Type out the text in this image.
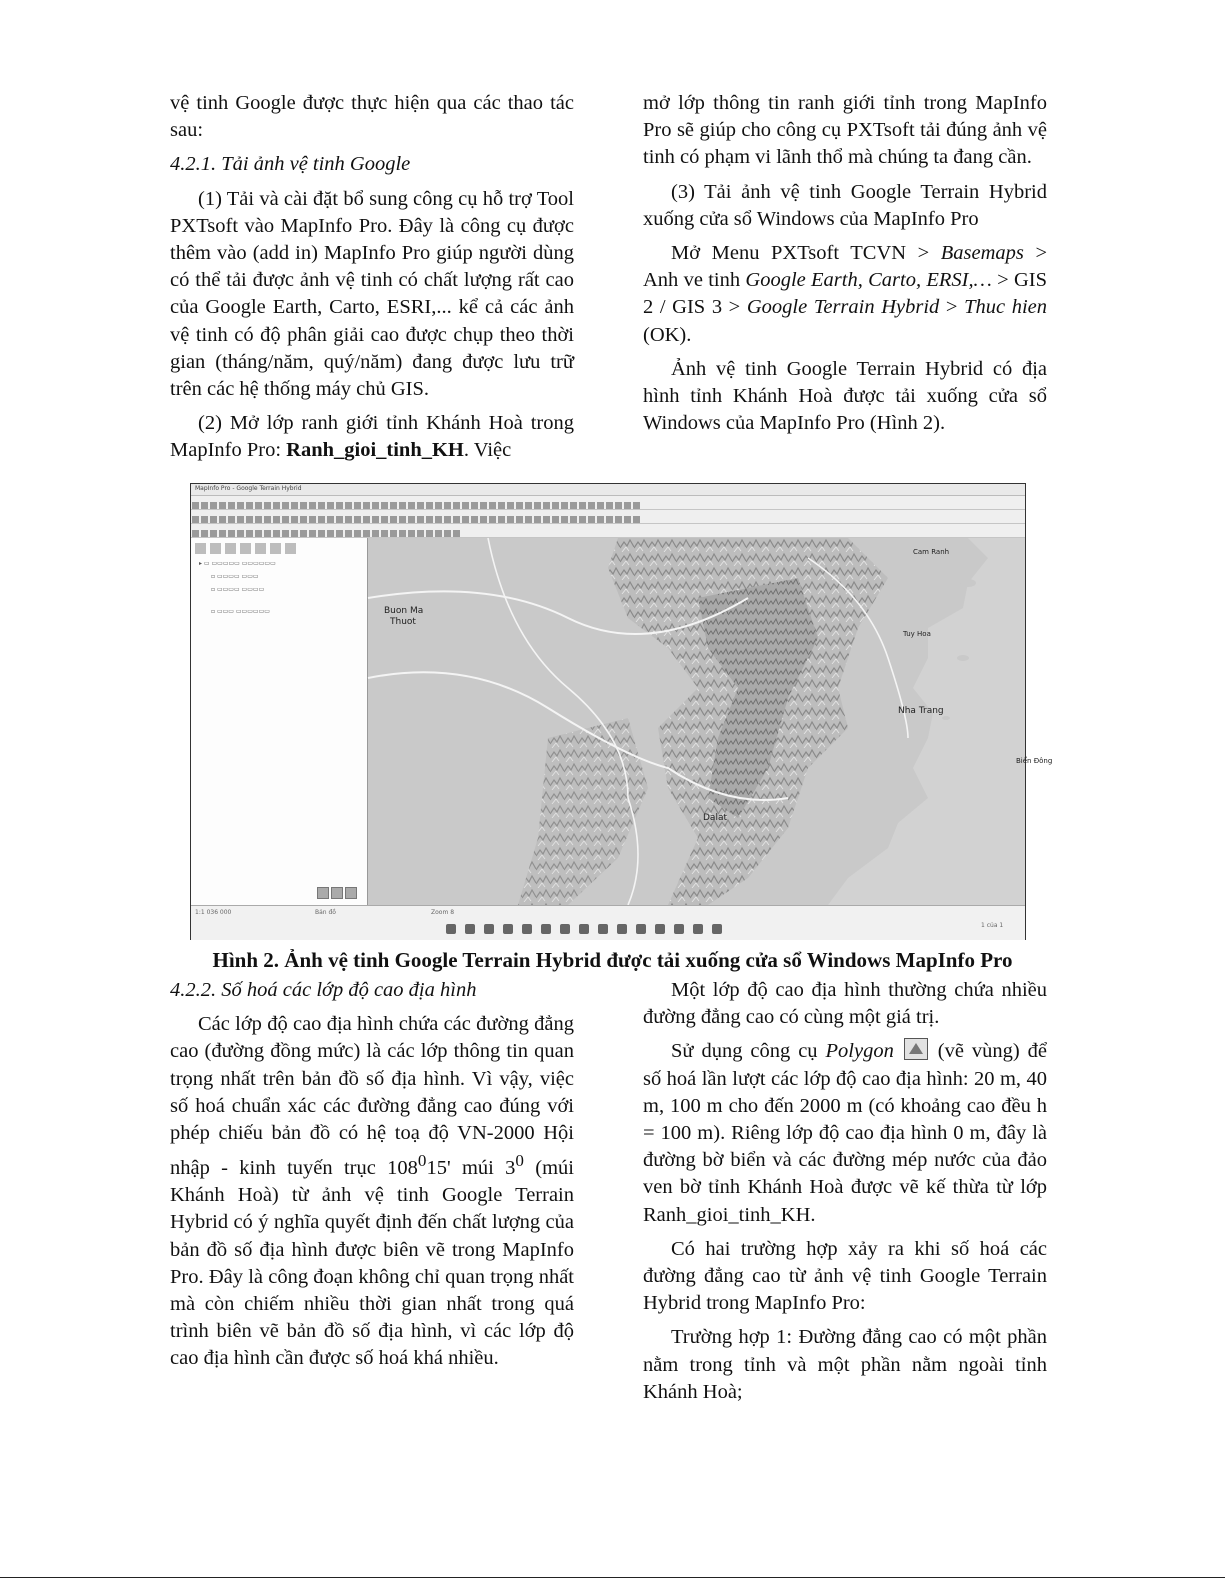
vệ tinh Google được thực hiện qua các thao tác sau:

4.2.1. Tải ảnh vệ tinh Google

(1) Tải và cài đặt bổ sung công cụ hỗ trợ Tool PXTsoft vào MapInfo Pro. Đây là công cụ được thêm vào (add in) MapInfo Pro giúp người dùng có thể tải được ảnh vệ tinh có chất lượng rất cao của Google Earth, Carto, ESRI,... kể cả các ảnh vệ tinh có độ phân giải cao được chụp theo thời gian (tháng/năm, quý/năm) đang được lưu trữ trên các hệ thống máy chủ GIS.

(2) Mở lớp ranh giới tỉnh Khánh Hoà trong MapInfo Pro: Ranh_gioi_tinh_KH. Việc

mở lớp thông tin ranh giới tỉnh trong MapInfo Pro sẽ giúp cho công cụ PXTsoft tải đúng ảnh vệ tinh có phạm vi lãnh thổ mà chúng ta đang cần.

(3) Tải ảnh vệ tinh Google Terrain Hybrid xuống cửa sổ Windows của MapInfo Pro

Mở Menu PXTsoft TCVN > Basemaps > Anh ve tinh Google Earth, Carto, ERSI,… > GIS 2 / GIS 3 > Google Terrain Hybrid > Thuc hien (OK).

Ảnh vệ tinh Google Terrain Hybrid có địa hình tỉnh Khánh Hoà được tải xuống cửa sổ Windows của MapInfo Pro (Hình 2).

MapInfo Pro - Google Terrain Hybrid
▸ ▭ ▭▭▭▭▭ ▭▭▭▭▭▭
▫ ▭▭▭▭ ▭▭▭
▫ ▭▭▭▭ ▭▭▭▭
▫ ▭▭▭ ▭▭▭▭▭▭	Buon Ma
Thuot
Nha Trang
Dalat
Cam Ranh
Tuy Hoa
Biển Đông
1:1 036 000	Bản đồ	Zoom 8
1 của 1
Hình 2. Ảnh vệ tinh Google Terrain Hybrid được tải xuống cửa sổ Windows MapInfo Pro

4.2.2. Số hoá các lớp độ cao địa hình

Các lớp độ cao địa hình chứa các đường đẳng cao (đường đồng mức) là các lớp thông tin quan trọng nhất trên bản đồ số địa hình. Vì vậy, việc số hoá chuẩn xác các đường đẳng cao đúng với phép chiếu bản đồ có hệ toạ độ VN-2000 Hội nhập - kinh tuyến trục $108^015'$ múi $3^0$ (múi Khánh Hoà) từ ảnh vệ tinh Google Terrain Hybrid có ý nghĩa quyết định đến chất lượng của bản đồ số địa hình được biên vẽ trong MapInfo Pro. Đây là công đoạn không chỉ quan trọng nhất mà còn chiếm nhiều thời gian nhất trong quá trình biên vẽ bản đồ số địa hình, vì các lớp độ cao địa hình cần được số hoá khá nhiều.

Một lớp độ cao địa hình thường chứa nhiều đường đẳng cao có cùng một giá trị.

Sử dụng công cụ Polygon  (vẽ vùng) để số hoá lần lượt các lớp độ cao địa hình: 20 m, 40 m, 100 m cho đến 2000 m (có khoảng cao đều h = 100 m). Riêng lớp độ cao địa hình 0 m, đây là đường bờ biển và các đường mép nước của đảo ven bờ tỉnh Khánh Hoà được vẽ kế thừa từ lớp Ranh_gioi_tinh_KH.

Có hai trường hợp xảy ra khi số hoá các đường đẳng cao từ ảnh vệ tinh Google Terrain Hybrid trong MapInfo Pro:

Trường hợp 1: Đường đẳng cao có một phần nằm trong tỉnh và một phần nằm ngoài tỉnh Khánh Hoà;
